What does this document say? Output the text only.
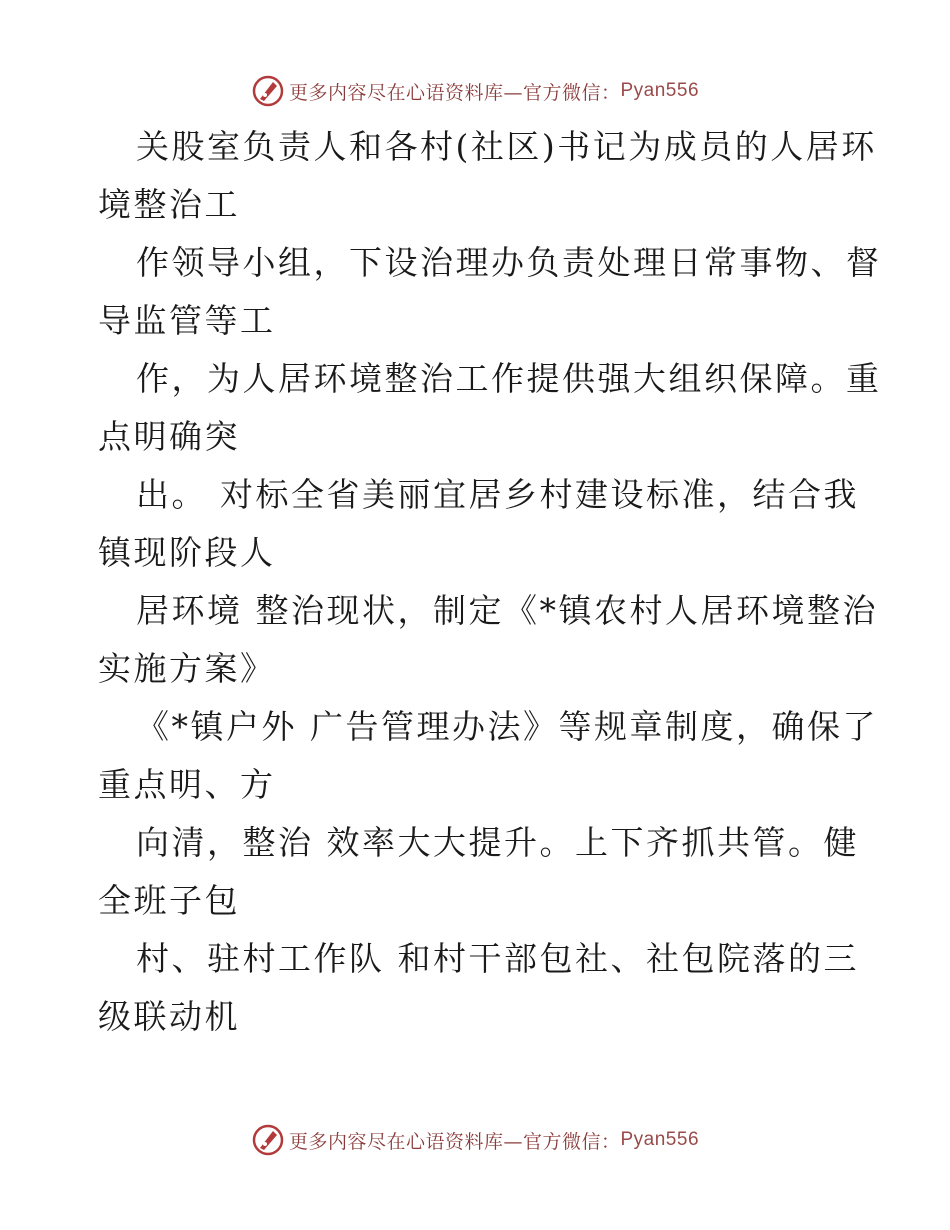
更多内容尽在心语资料库—官方微信： Pyan556
关股室负责人和各村(社区)书记为成员的人居环
境整治工
作领导小组，下设治理办负责处理日常事物、督
导监管等工
作，为人居环境整治工作提供强大组织保障。重
点明确突
出。 对标全省美丽宜居乡村建设标准，结合我
镇现阶段人
居环境 整治现状，制定《*镇农村人居环境整治
实施方案》
《*镇户外 广告管理办法》等规章制度，确保了
重点明、方
向清，整治 效率大大提升。上下齐抓共管。健
全班子包
村、驻村工作队 和村干部包社、社包院落的三
级联动机
更多内容尽在心语资料库—官方微信： Pyan556
